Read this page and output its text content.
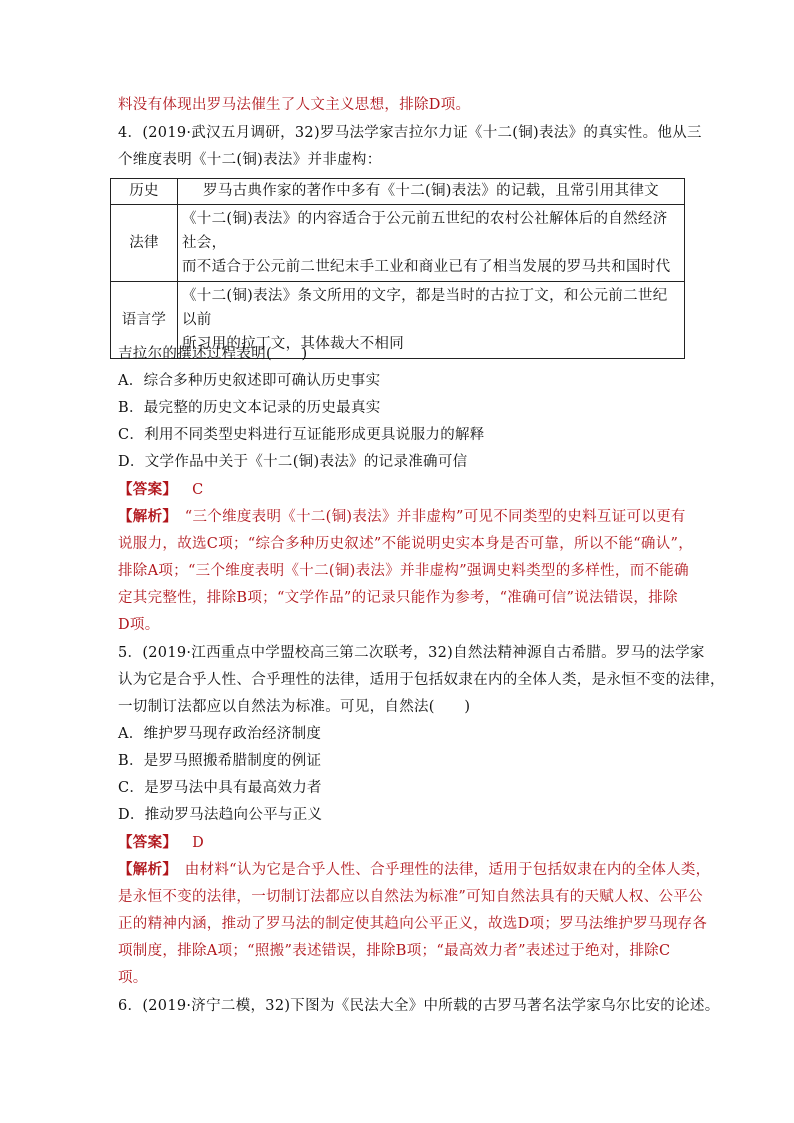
料没有体现出罗马法催生了人文主义思想，排除D项。
4．(2019·武汉五月调研，32)罗马法学家吉拉尔力证《十二(铜)表法》的真实性。他从三
个维度表明《十二(铜)表法》并非虚构：
历史	罗马古典作家的著作中多有《十二(铜)表法》的记载，且常引用其律文
法律	《十二(铜)表法》的内容适合于公元前五世纪的农村公社解体后的自然经济社会，
而不适合于公元前二世纪末手工业和商业已有了相当发展的罗马共和国时代

语言学	《十二(铜)表法》条文所用的文字，都是当时的古拉丁文，和公元前二世纪以前
所习用的拉丁文，其体裁大不相同
吉拉尔的撰述过程表明(　　)
A．综合多种历史叙述即可确认历史事实
B．最完整的历史文本记录的历史最真实
C．利用不同类型史料进行互证能形成更具说服力的解释
D．文学作品中关于《十二(铜)表法》的记录准确可信
【答案】 C
【解析】　“三个维度表明《十二(铜)表法》并非虚构”可见不同类型的史料互证可以更有
说服力，故选C项；“综合多种历史叙述”不能说明史实本身是否可靠，所以不能“确认”，
排除A项；“三个维度表明《十二(铜)表法》并非虚构”强调史料类型的多样性，而不能确
定其完整性，排除B项；“文学作品”的记录只能作为参考，“准确可信”说法错误，排除
D项。
5．(2019·江西重点中学盟校高三第二次联考，32)自然法精神源自古希腊。罗马的法学家
认为它是合乎人性、合乎理性的法律，适用于包括奴隶在内的全体人类，是永恒不变的法律，
一切制订法都应以自然法为标准。可见，自然法(　　)
A．维护罗马现存政治经济制度
B．是罗马照搬希腊制度的例证
C．是罗马法中具有最高效力者
D．推动罗马法趋向公平与正义
【答案】 D
【解析】　由材料“认为它是合乎人性、合乎理性的法律，适用于包括奴隶在内的全体人类，
是永恒不变的法律，一切制订法都应以自然法为标准”可知自然法具有的天赋人权、公平公
正的精神内涵，推动了罗马法的制定使其趋向公平正义，故选D项；罗马法维护罗马现存各
项制度，排除A项；“照搬”表述错误，排除B项；“最高效力者”表述过于绝对，排除C
项。
6．(2019·济宁二模，32)下图为《民法大全》中所载的古罗马著名法学家乌尔比安的论述。
